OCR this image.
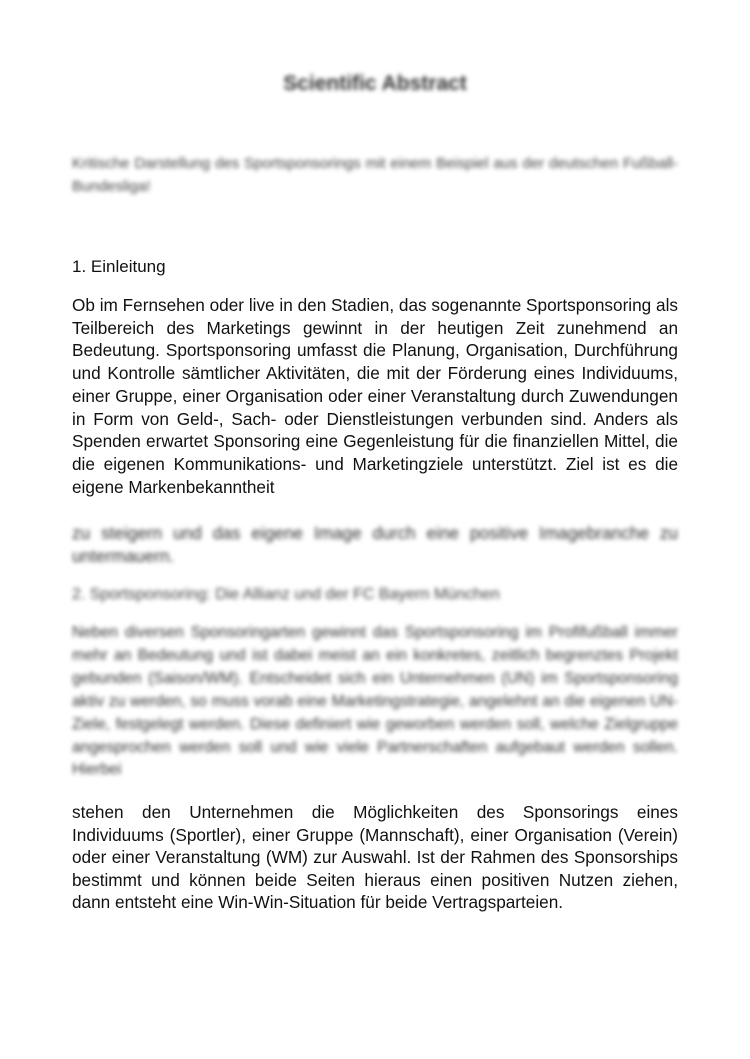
Scientific Abstract
Kritische Darstellung des Sportsponsorings mit einem Beispiel aus der deutschen Fußball-Bundesliga!
1. Einleitung
Ob im Fernsehen oder live in den Stadien, das sogenannte Sportsponsoring als Teilbereich des Marketings gewinnt in der heutigen Zeit zunehmend an Bedeutung. Sportsponsoring umfasst die Planung, Organisation, Durchführung und Kontrolle sämtlicher Aktivitäten, die mit der Förderung eines Individuums, einer Gruppe, einer Organisation oder einer Veranstaltung durch Zuwendungen in Form von Geld-, Sach- oder Dienstleistungen verbunden sind. Anders als Spenden erwartet Sponsoring eine Gegenleistung für die finanziellen Mittel, die die eigenen Kommunikations- und Marketingziele unterstützt. Ziel ist es die eigene Markenbekanntheit
zu steigern und das eigene Image durch eine positive Imagebranche zu untermauern.
2. Sportsponsoring: Die Allianz und der FC Bayern München
Neben diversen Sponsoringarten gewinnt das Sportsponsoring im Profifußball immer mehr an Bedeutung und ist dabei meist an ein konkretes, zeitlich begrenztes Projekt gebunden (Saison/WM). Entscheidet sich ein Unternehmen (UN) im Sportsponsoring aktiv zu werden, so muss vorab eine Marketingstrategie, angelehnt an die eigenen UN-Ziele, festgelegt werden. Diese definiert wie geworben werden soll, welche Zielgruppe angesprochen werden soll und wie viele Partnerschaften aufgebaut werden sollen. Hierbei
stehen den Unternehmen die Möglichkeiten des Sponsorings eines Individuums (Sportler), einer Gruppe (Mannschaft), einer Organisation (Verein) oder einer Veranstaltung (WM) zur Auswahl. Ist der Rahmen des Sponsorships bestimmt und können beide Seiten hieraus einen positiven Nutzen ziehen, dann entsteht eine Win-Win-Situation für beide Vertragsparteien.
